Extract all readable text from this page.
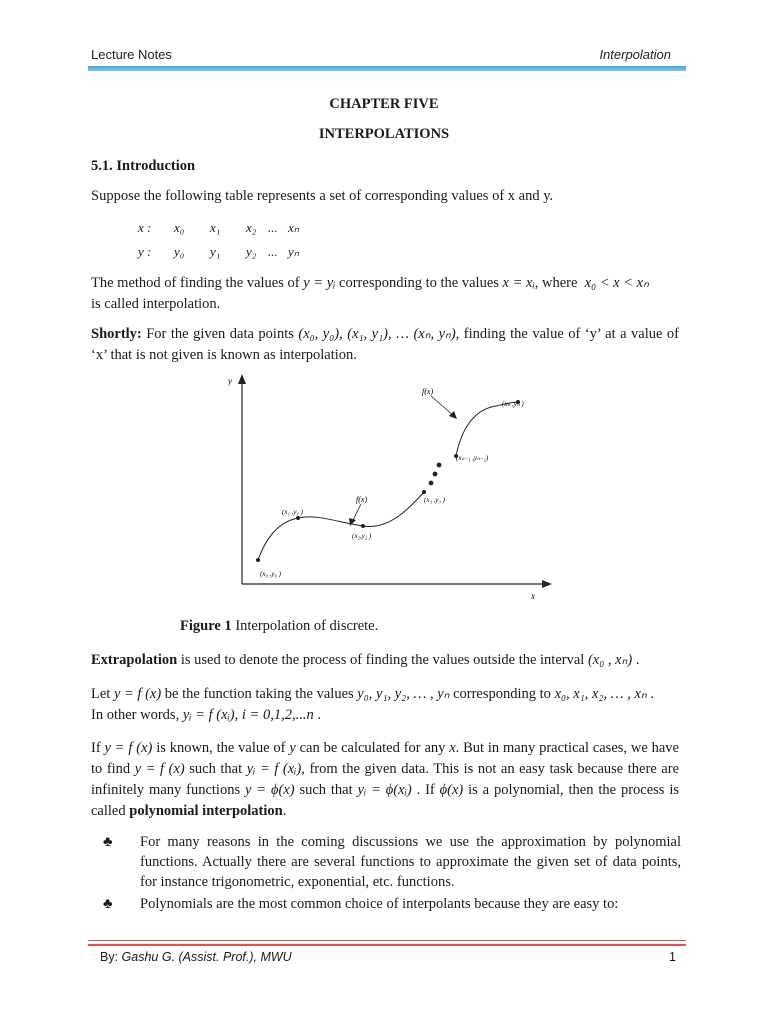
Lecture Notes	Interpolation
CHAPTER FIVE
INTERPOLATIONS
5.1. Introduction
Suppose the following table represents a set of corresponding values of x and y.
x :	x₀	x₁	x₂ ... xₙ
y :	y₀	y₁	y₂ ... yₙ
The method of finding the values of y = yᵢ corresponding to the values x = xᵢ, where  x₀ < x < xₙ
is called interpolation.
Shortly: For the given data points (x₀, y₀), (x₁, y₁), … (xₙ, yₙ), finding the value of ‘y’ at a value of ‘x’ that is not given is known as interpolation.
y
x
f(x)
f(x)
(x₀ ,y₀ )
(x₁ ,y₁ )
(x₂,y₂ )
(x₃ ,y₃ )
(xₙ₋₁ ,yₙ₋₁)
(xₙ ,yₙ )
Figure 1 Interpolation of discrete.
Extrapolation is used to denote the process of finding the values outside the interval (x₀ , xₙ) .
Let y = f (x) be the function taking the values y₀, y₁, y₂, … , yₙ corresponding to x₀, x₁, x₂, … , xₙ .
In other words, yᵢ = f (xᵢ), i = 0,1,2,...n .
If y = f (x) is known, the value of y can be calculated for any x. But in many practical cases, we have to find y = f (x) such that yᵢ = f (xᵢ), from the given data. This is not an easy task because there are infinitely many functions y = ϕ(x) such that yᵢ = ϕ(xᵢ) . If ϕ(x) is a polynomial, then the process is called polynomial interpolation.
♣	For many reasons in the coming discussions we use the approximation by polynomial functions. Actually there are several functions to approximate the given set of data points, for instance trigonometric, exponential, etc. functions.
♣	Polynomials are the most common choice of interpolants because they are easy to:
By: Gashu G. (Assist. Prof.), MWU	1
